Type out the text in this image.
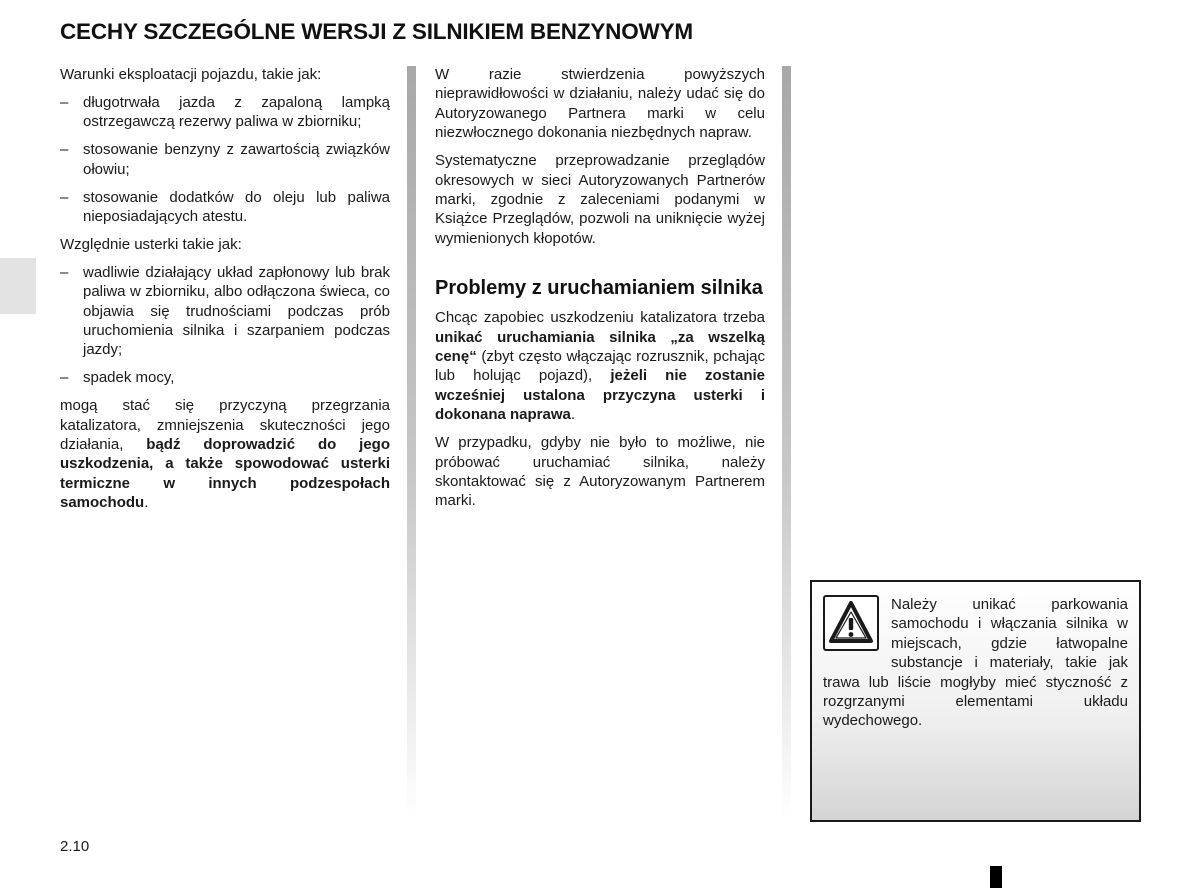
CECHY SZCZEGÓLNE WERSJI Z SILNIKIEM BENZYNOWYM

Warunki eksploatacji pojazdu, takie jak:

– długotrwała jazda z zapaloną lampką ostrzegawczą rezerwy paliwa w zbiorniku;
– stosowanie benzyny z zawartością związków ołowiu;
– stosowanie dodatków do oleju lub paliwa nieposiadających atestu.

Względnie usterki takie jak:

– wadliwie działający układ zapłonowy lub brak paliwa w zbiorniku, albo odłączona świeca, co objawia się trudnościami podczas prób uruchomienia silnika i szarpaniem podczas jazdy;
– spadek mocy,

mogą stać się przyczyną przegrzania katalizatora, zmniejszenia skuteczności jego działania, bądź doprowadzić do jego uszkodzenia, a także spowodować usterki termiczne w innych podzespołach samochodu.

W razie stwierdzenia powyższych nieprawidłowości w działaniu, należy udać się do Autoryzowanego Partnera marki w celu niezwłocznego dokonania niezbędnych napraw.

Systematyczne przeprowadzanie przeglądów okresowych w sieci Autoryzowanych Partnerów marki, zgodnie z zaleceniami podanymi w Książce Przeglądów, pozwoli na uniknięcie wyżej wymienionych kłopotów.

Problemy z uruchamianiem silnika

Chcąc zapobiec uszkodzeniu katalizatora trzeba unikać uruchamiania silnika „za wszelką cenę“ (zbyt często włączając rozrusznik, pchając lub holując pojazd), jeżeli nie zostanie wcześniej ustalona przyczyna usterki i dokonana naprawa.

W przypadku, gdyby nie było to możliwe, nie próbować uruchamiać silnika, należy skontaktować się z Autoryzowanym Partnerem marki.

Należy unikać parkowania samochodu i włączania silnika w miejscach, gdzie łatwopalne substancje i materiały, takie jak trawa lub liście mogłyby mieć styczność z rozgrzanymi elementami układu wydechowego.
2.10
